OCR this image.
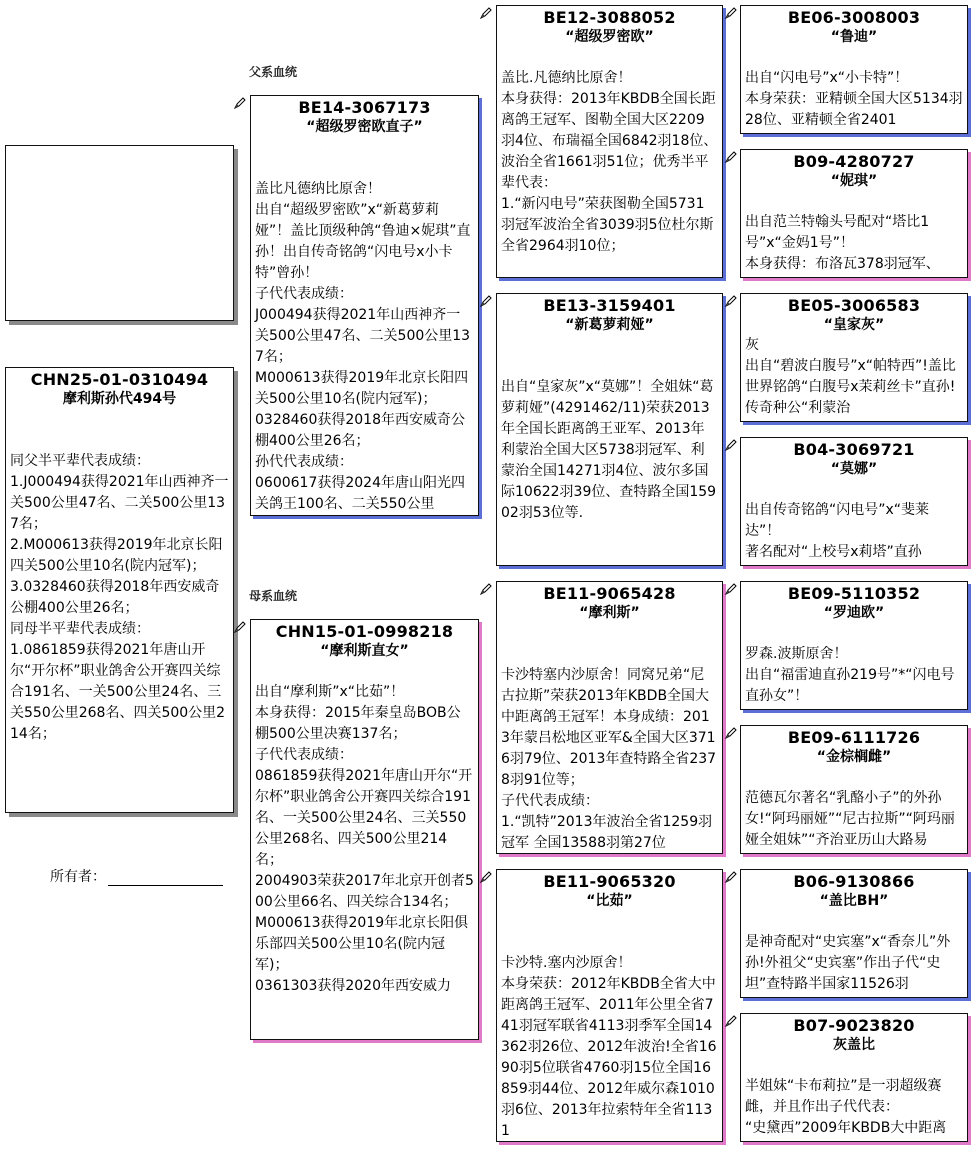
父系血统
母系血统
CHN25-01-0310494
摩利斯孙代494号

同父半平辈代表成绩：
1.J000494获得2021年山西神齐一关500公里47名、二关500公里137名；
2.M000613获得2019年北京长阳四关500公里10名(院内冠军)；
3.0328460获得2018年西安威奇公棚400公里26名；
同母半平辈代表成绩：
1.0861859获得2021年唐山开尔“开尔杯”职业鸽舍公开赛四关综合191名、一关500公里24名、三关550公里268名、四关500公里214名；
所有者：
BE14-3067173
“超级罗密欧直子”

盖比凡德纳比原舍！
出自“超级罗密欧”x“新葛萝莉娅”！盖比顶级种鸽“鲁迪×妮琪”直孙！出自传奇铭鸽“闪电号x小卡特”曾孙！
子代代表成绩：
J000494获得2021年山西神齐一关500公里47名、二关500公里137名；
M000613获得2019年北京长阳四关500公里10名(院内冠军)；
0328460获得2018年西安威奇公棚400公里26名；
孙代代表成绩：
0600617获得2024年唐山阳光四关鸽王100名、二关550公里
CHN15-01-0998218
“摩利斯直女”

出自“摩利斯”x“比茹”！
本身获得：2015年秦皇岛BOB公棚500公里决赛137名；
子代代表成绩：
0861859获得2021年唐山开尔“开尔杯”职业鸽舍公开赛四关综合191名、一关500公里24名、三关550公里268名、四关500公里214名；
2004903荣获2017年北京开创者500公里66名、四关综合134名；
M000613获得2019年北京长阳俱乐部四关500公里10名(院内冠军)；
0361303获得2020年西安威力
BE12-3088052
“超级罗密欧”

盖比.凡德纳比原舍！
本身获得：2013年KBDB全国长距离鸽王冠军、图勒全国大区2209羽4位、布瑞福全国6842羽18位、波治全省1661羽51位；优秀半平辈代表：
1.“新闪电号”荣获图勒全国5731羽冠军波治全省3039羽5位杜尔斯全省2964羽10位；
BE13-3159401
“新葛萝莉娅”

出自“皇家灰”x“莫娜”！全姐妹“葛萝莉娅”(4291462/11)荣获2013年全国长距离鸽王亚军、2013年利蒙治全国大区5738羽冠军、利蒙治全国14271羽4位、波尔多国际10622羽39位、查特路全国15902羽53位等.
BE11-9065428
“摩利斯”

卡沙特塞内沙原舍！同窝兄弟“尼古拉斯”荣获2013年KBDB全国大中距离鸽王冠军！本身成绩：2013年蒙吕松地区亚军&全国大区3716羽79位、2013年查特路全省2378羽91位等；
子代代表成绩：
1.“凯特”2013年波治全省1259羽冠军 全国13588羽第27位
BE11-9065320
“比茹”

卡沙特.塞内沙原舍！
本身荣获：2012年KBDB全省大中距离鸽王冠军、2011年公里全省741羽冠军联省4113羽季军全国14362羽26位、2012年波治!全省1690羽5位联省4760羽15位全国16859羽44位、2012年威尔森1010羽6位、2013年拉索特年全省1131
BE06-3008003
“鲁迪”

出自“闪电号”x“小卡特”！
本身荣获：亚精顿全国大区5134羽28位、亚精顿全省2401
B09-4280727
“妮琪”

出自范兰特翰头号配对“塔比1号”x“金妈1号”！
本身获得：布洛瓦378羽冠军、
BE05-3006583
“皇家灰”
灰
出自“碧波白腹号”x“帕特西”!盖比世界铭鸽“白腹号x茉莉丝卡”直孙!传奇种公“利蒙治
B04-3069721
“莫娜”

出自传奇铭鸽“闪电号”x“斐莱达”！
著名配对“上校号x莉塔”直孙
BE09-5110352
“罗迪欧”

罗森.波斯原舍！
出自“福雷迪直孙219号”*“闪电号直孙女”！
BE09-6111726
“金棕榈雌”

范德瓦尔著名“乳酪小子”的外孙女!“阿玛丽娅”“尼古拉斯”“阿玛丽娅全姐妹”“齐治亚历山大路易
B06-9130866
“盖比BH”

是神奇配对“史宾塞”x“香奈儿”外孙!外祖父“史宾塞”作出子代“史坦”查特路半国家11526羽
B07-9023820
灰盖比

半姐妹“卡布莉拉”是一羽超级赛雌，并且作出子代代表：
“史黛西”2009年KBDB大中距离
